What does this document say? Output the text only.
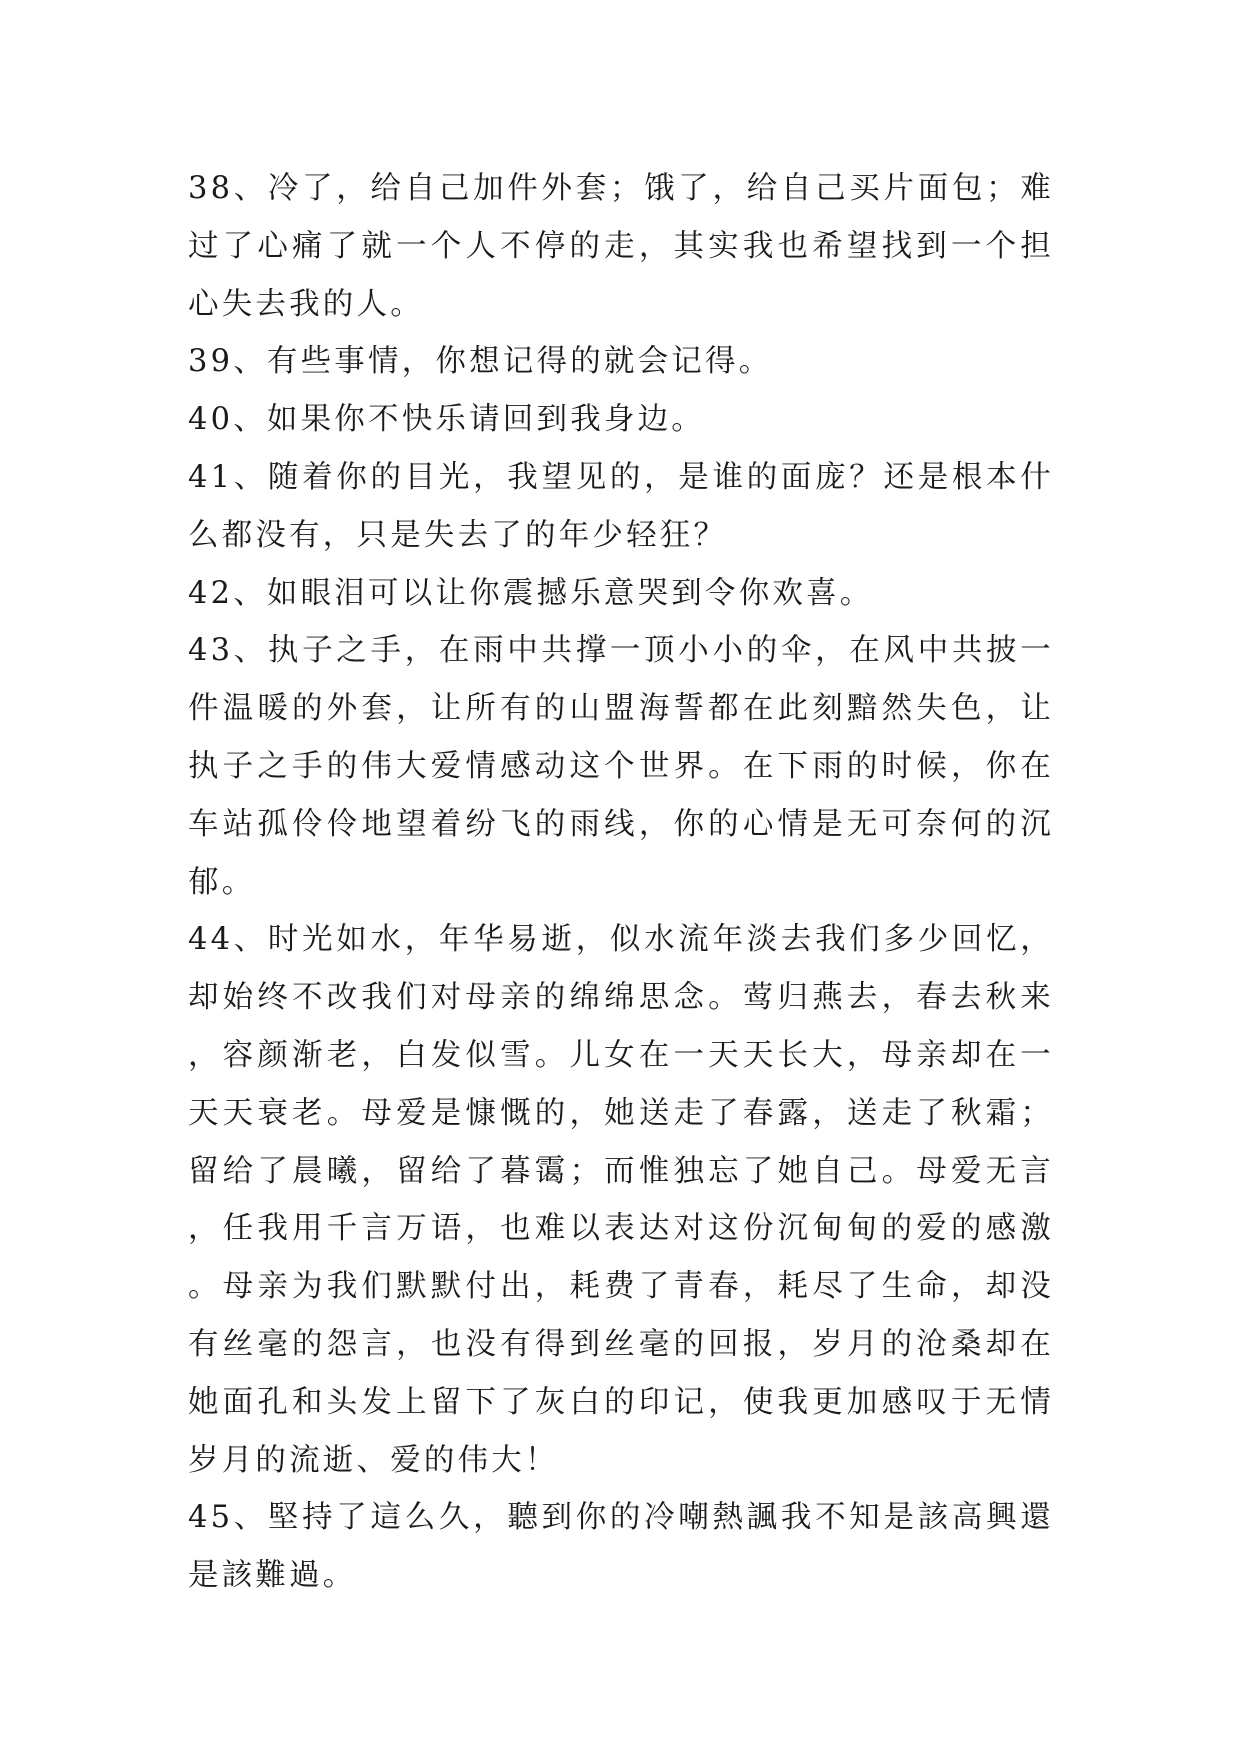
38、冷了，给自己加件外套；饿了，给自己买片面包；难过了心痛了就一个人不停的走，其实我也希望找到一个担心失去我的人。

39、有些事情，你想记得的就会记得。

40、如果你不快乐请回到我身边。

41、随着你的目光，我望见的，是谁的面庞？还是根本什么都没有，只是失去了的年少轻狂？

42、如眼泪可以让你震撼乐意哭到令你欢喜。

43、执子之手，在雨中共撑一顶小小的伞，在风中共披一件温暖的外套，让所有的山盟海誓都在此刻黯然失色，让执子之手的伟大爱情感动这个世界。在下雨的时候，你在车站孤伶伶地望着纷飞的雨线，你的心情是无可奈何的沉郁。

44、时光如水，年华易逝，似水流年淡去我们多少回忆，却始终不改我们对母亲的绵绵思念。莺归燕去，春去秋来，容颜渐老，白发似雪。儿女在一天天长大，母亲却在一天天衰老。母爱是慷慨的，她送走了春露，送走了秋霜；留给了晨曦，留给了暮霭；而惟独忘了她自己。母爱无言，任我用千言万语，也难以表达对这份沉甸甸的爱的感激。母亲为我们默默付出，耗费了青春，耗尽了生命，却没有丝毫的怨言，也没有得到丝毫的回报，岁月的沧桑却在她面孔和头发上留下了灰白的印记，使我更加感叹于无情岁月的流逝、爱的伟大！

45、堅持了這么久，聽到你的冷嘲熱諷我不知是該高興還是該難過。
